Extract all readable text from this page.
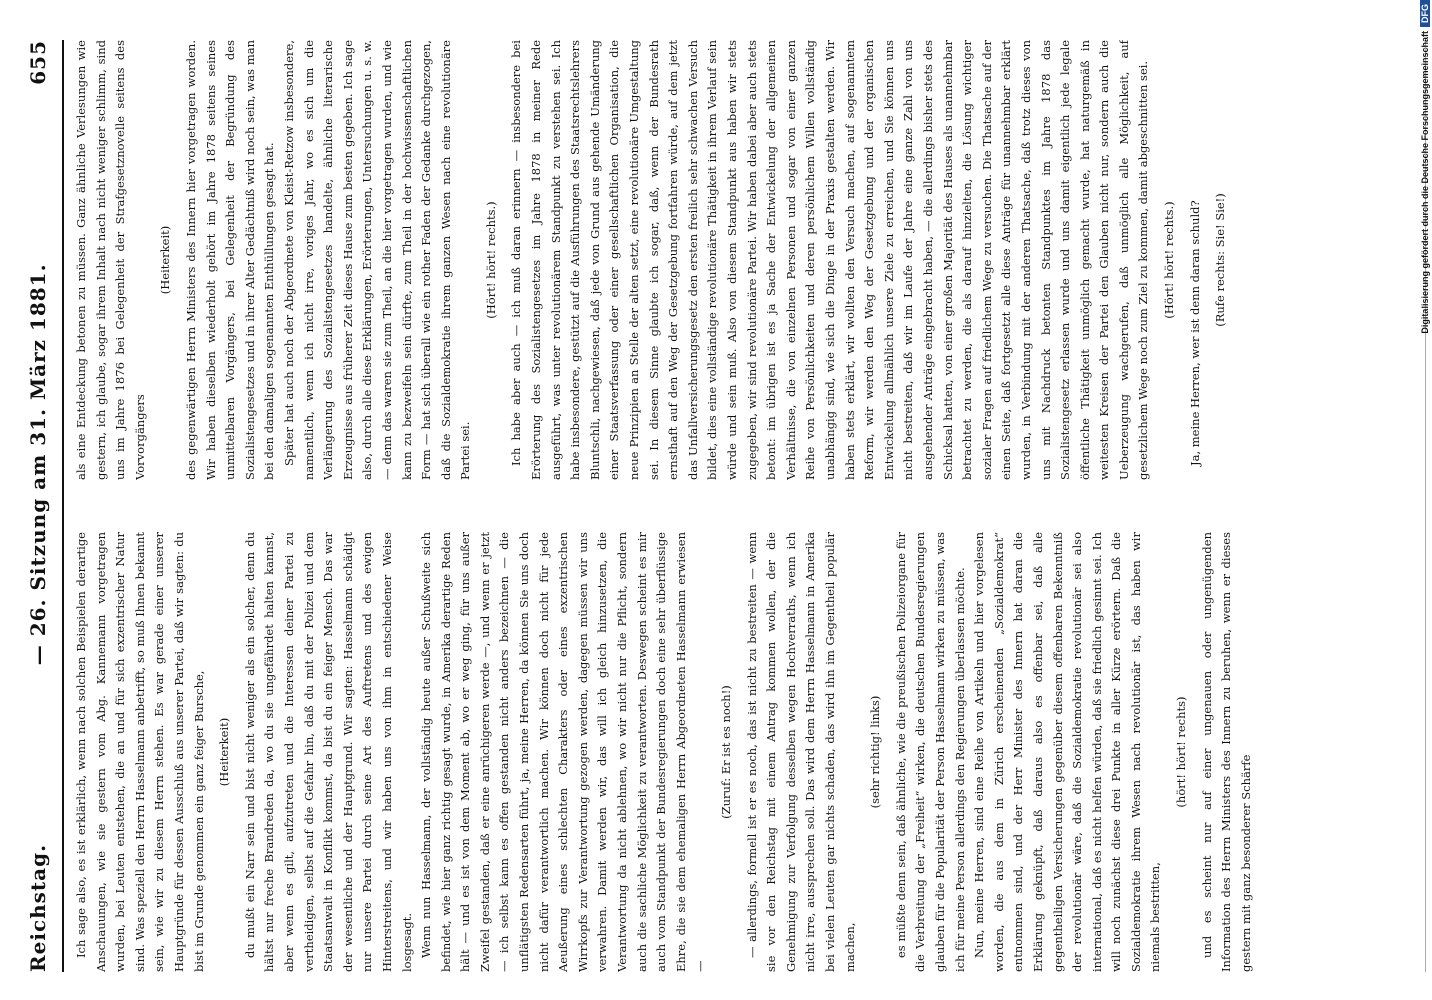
Reichstag.
— 26. Sitzung am 31. März 1881.
655

Ich sage also, es ist erklärlich, wenn nach solchen Beispielen derartige Anschauungen, wie sie gestern vom Abg. Kannemann vorgetragen wurden, bei Leuten entstehen, die an und für sich exzentrischer Natur sind. Was speziell den Herrn Hasselmann anbetrifft, so muß Ihnen bekannt sein, wie wir zu diesem Herrn stehen. Es war gerade einer unserer Hauptgründe für dessen Ausschluß aus unserer Partei, daß wir sagten: du bist im Grunde genommen ein ganz feiger Bursche,	(Heiterkeit)	du mußt ein Narr sein und bist nicht weniger als ein solcher, denn du hältst nur freche Brandreden da, wo du sie ungefährdet halten kannst, aber wenn es gilt, aufzutreten und die Interessen deiner Partei zu vertheidigen, selbst auf die Gefahr hin, daß du mit der Polizei und dem Staatsanwalt in Konflikt kommst, da bist du ein feiger Mensch. Das war der wesentliche und der Hauptgrund. Wir sagten: Hasselmann schädigt nur unsere Partei durch seine Art des Auftretens und des ewigen Hinterstreitens, und wir haben uns von ihm in entschiedener Weise losgesagt. Wenn nun Hasselmann, der vollständig heute außer Schußweite sich befindet, wie hier ganz richtig gesagt wurde, in Amerika derartige Reden hält — und es ist von dem Moment ab, wo er weg ging, für uns außer Zweifel gestanden, daß er eine anrüchigeren werde —, und wenn er jetzt — ich selbst kann es offen gestanden nicht anders bezeichnen — die unflätigsten Redensarten führt, ja, meine Herren, da können Sie uns doch nicht dafür verantwortlich machen. Wir können doch nicht für jede Aeußerung eines schlechten Charakters oder eines exzentrischen Wirrkopfs zur Verantwortung gezogen werden, dagegen müssen wir uns verwahren. Damit werden wir, das will ich gleich hinzusetzen, die Verantwortung da nicht ablehnen, wo wir nicht nur die Pflicht, sondern auch die sachliche Möglichkeit zu verantworten. Deswegen scheint es mir auch vom Standpunkt der Bundesregierungen doch eine sehr überflüssige Ehre, die sie dem ehemaligen Herrn Abgeordneten Hasselmann erwiesen —

(Zuruf: Er ist es noch!)	— allerdings, formell ist er es noch, das ist nicht zu bestreiten — wenn sie vor den Reichstag mit einem Antrag kommen wollen, der die Genehmigung zur Verfolgung desselben wegen Hochverraths, wenn ich nicht irre, aussprechen soll. Das wird dem Herrn Hasselmann in Amerika bei vielen Leuten gar nichts schaden, das wird ihn im Gegentheil populär machen,

(sehr richtig! links)	es müßte denn sein, daß ähnliche, wie die preußischen Polizeiorgane für die Verbreitung der „Freiheit“ wirken, die deutschen Bundesregierungen glauben für die Popularität der Person Hasselmann wirken zu müssen, was ich für meine Person allerdings den Regierungen überlassen möchte. Nun, meine Herren, sind eine Reihe von Artikeln und hier vorgelesen worden, die aus dem in Zürich erscheinenden „Sozialdemokrat“ entnommen sind, und der Herr Minister des Innern hat daran die Erklärung geknüpft, daß daraus also es offenbar sei, daß alle gegentheiligen Versicherungen gegenüber diesem offenbaren Bekenntniß der revolutionär wäre, daß die Sozialdemokratie revolutionär sei also international, daß es nicht helfen würden, daß sie friedlich gesinnt sei. Ich will noch zunächst diese drei Punkte in aller Kürze erörtern. Daß die Sozialdemokratie ihrem Wesen nach revolutionär ist, das haben wir niemals bestritten,

(hört! hört! rechts)	und es scheint nur auf einer ungenauen oder ungenügenden Information des Herrn Ministers des Innern zu beruhen, wenn er dieses gestern mit ganz besonderer Schärfe

als eine Entdeckung betonen zu müssen. Ganz ähnliche Verlesungen wie gestern, ich glaube, sogar ihrem Inhalt nach nicht weniger schlimm, sind uns im Jahre 1876 bei Gelegenheit der Strafgesetznovelle seitens des Vorvorgängers

(Heiterkeit)	des gegenwärtigen Herrn Ministers des Innern hier vorgetragen worden. Wir haben dieselben wiederholt gehört im Jahre 1878 seitens seines unmittelbaren Vorgängers, bei Gelegenheit der Begründung des Sozialistengesetzes und in ihrer Alter Gedächtniß wird noch sein, was man bei den damaligen sogenannten Enthüllungen gesagt hat. Später hat auch noch der Abgeordnete von Kleist-Retzow insbesondere, namentlich, wenn ich nicht irre, voriges Jahr, wo es sich um die Verlängerung des Sozialistengesetzes handelte, ähnliche literarische Erzeugnisse aus früherer Zeit dieses Hause zum besten gegeben. Ich sage also, durch alle diese Erklärungen, Erörterungen, Untersuchungen u. s. w. — denn das waren sie zum Theil, an die hier vorgetragen wurden, und wie kann zu bezweifeln sein dürfte, zum Theil in der hochwissenschaftlichen Form — hat sich überall wie ein rother Faden der Gedanke durchgezogen, daß die Sozialdemokratie ihrem ganzen Wesen nach eine revolutionäre Partei sei.

(Hört! hört! rechts.)	Ich habe aber auch — ich muß daran erinnern — insbesondere bei Erörterung des Sozialistengesetzes im Jahre 1878 in meiner Rede ausgeführt, was unter revolutionärem Standpunkt zu verstehen sei. Ich habe insbesondere, gestützt auf die Ausführungen des Staatsrechtslehrers Bluntschli, nachgewiesen, daß jede von Grund aus gehende Umänderung einer Staatsverfassung oder einer gesellschaftlichen Organisation, die neue Prinzipien an Stelle der alten setzt, eine revolutionäre Umgestaltung sei. In diesem Sinne glaubte ich sogar, daß, wenn der Bundesrath ernsthaft auf den Weg der Gesetzgebung fortfahren würde, auf dem jetzt das Unfallversicherungsgesetz den ersten freilich sehr schwachen Versuch bildet, dies eine vollständige revolutionäre Thätigkeit in ihrem Verlauf sein würde und sein muß. Also von diesem Standpunkt aus haben wir stets zugegeben, wir sind revolutionäre Partei. Wir haben dabei aber auch stets betont: im übrigen ist es ja Sache der Entwickelung der allgemeinen Verhältnisse, die von einzelnen Personen und sogar von einer ganzen Reihe von Persönlichkeiten und deren persönlichem Willen vollständig unabhängig sind, wie sich die Dinge in der Praxis gestalten werden. Wir haben stets erklärt, wir wollten den Versuch machen, auf sogenanntem Reform, wir werden den Weg der Gesetzgebung und der organischen Entwickelung allmählich unsere Ziele zu erreichen, und Sie können uns nicht bestreiten, daß wir im Laufe der Jahre eine ganze Zahl von uns ausgehender Anträge eingebracht haben, — die allerdings bisher stets des Schicksal hatten, von einer großen Majorität des Hauses als unannehmbar betrachtet zu werden, die als darauf hinzielten, die Lösung wichtiger sozialer Fragen auf friedlichem Wege zu versuchen. Die Thatsache auf der einen Seite, daß fortgesetzt alle diese Anträge für unannehmbar erklärt wurden, in Verbindung mit der anderen Thatsache, daß trotz dieses von uns mit Nachdruck betonten Standpunktes im Jahre 1878 das Sozialistengesetz erlassen wurde und uns damit eigentlich jede legale öffentliche Thätigkeit unmöglich gemacht wurde, hat naturgemäß in weitesten Kreisen der Partei den Glauben nicht nur, sondern auch die Ueberzeugung wachgerufen, daß unmöglich alle Möglichkeit, auf gesetzlichem Wege noch zum Ziel zu kommen, damit abgeschnitten sei.	(Hört! hört! rechts.)	Ja, meine Herren, wer ist denn daran schuld?	(Rufe rechts: Sie! Sie!)	Digitalisierung gefördert durch die Deutsche ForschungsgemeinschaftDFG
